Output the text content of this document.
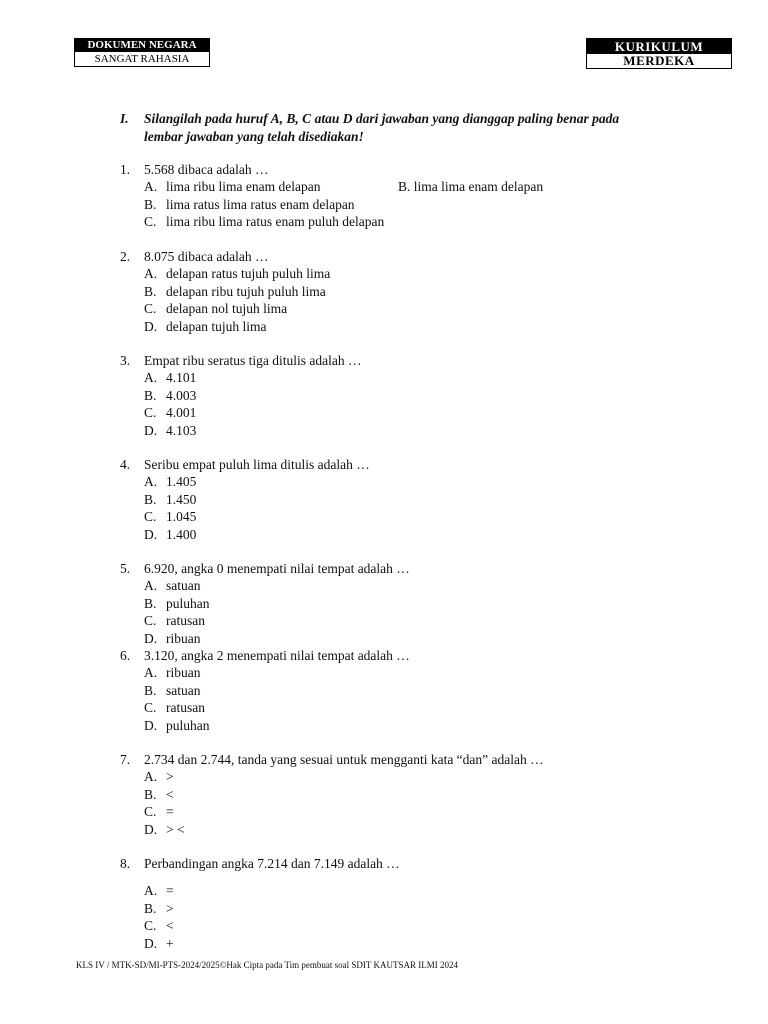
DOKUMEN NEGARA
SANGAT RAHASIA
KURIKULUM
MERDEKA
I. Silangilah pada huruf A, B, C atau D dari jawaban yang dianggap paling benar pada
lembar jawaban yang telah disediakan!
1. 5.568 dibaca adalah …
A. lima ribu lima enam delapan	B. lima lima enam delapan
B. lima ratus lima ratus enam delapan
C. lima ribu lima ratus enam puluh delapan
2. 8.075 dibaca adalah …
A. delapan ratus tujuh puluh lima
B. delapan ribu tujuh puluh lima
C. delapan nol tujuh lima
D. delapan tujuh lima
3. Empat ribu seratus tiga ditulis adalah …
A. 4.101
B. 4.003
C. 4.001
D. 4.103
4. Seribu empat puluh lima ditulis adalah …
A. 1.405
B. 1.450
C. 1.045
D. 1.400
5. 6.920, angka 0 menempati nilai tempat adalah …
A. satuan
B. puluhan
C. ratusan
D. ribuan
6. 3.120, angka 2 menempati nilai tempat adalah …
A. ribuan
B. satuan
C. ratusan
D. puluhan
7. 2.734 dan 2.744, tanda yang sesuai untuk mengganti kata “dan” adalah …
A. >
B. <
C. =
D. > <
8. Perbandingan angka 7.214 dan 7.149 adalah …
A. =
B. >
C. <
D. +
KLS IV / MTK-SD/MI-PTS-2024/2025©Hak Cipta pada Tim pembuat soal SDIT KAUTSAR ILMI 2024
